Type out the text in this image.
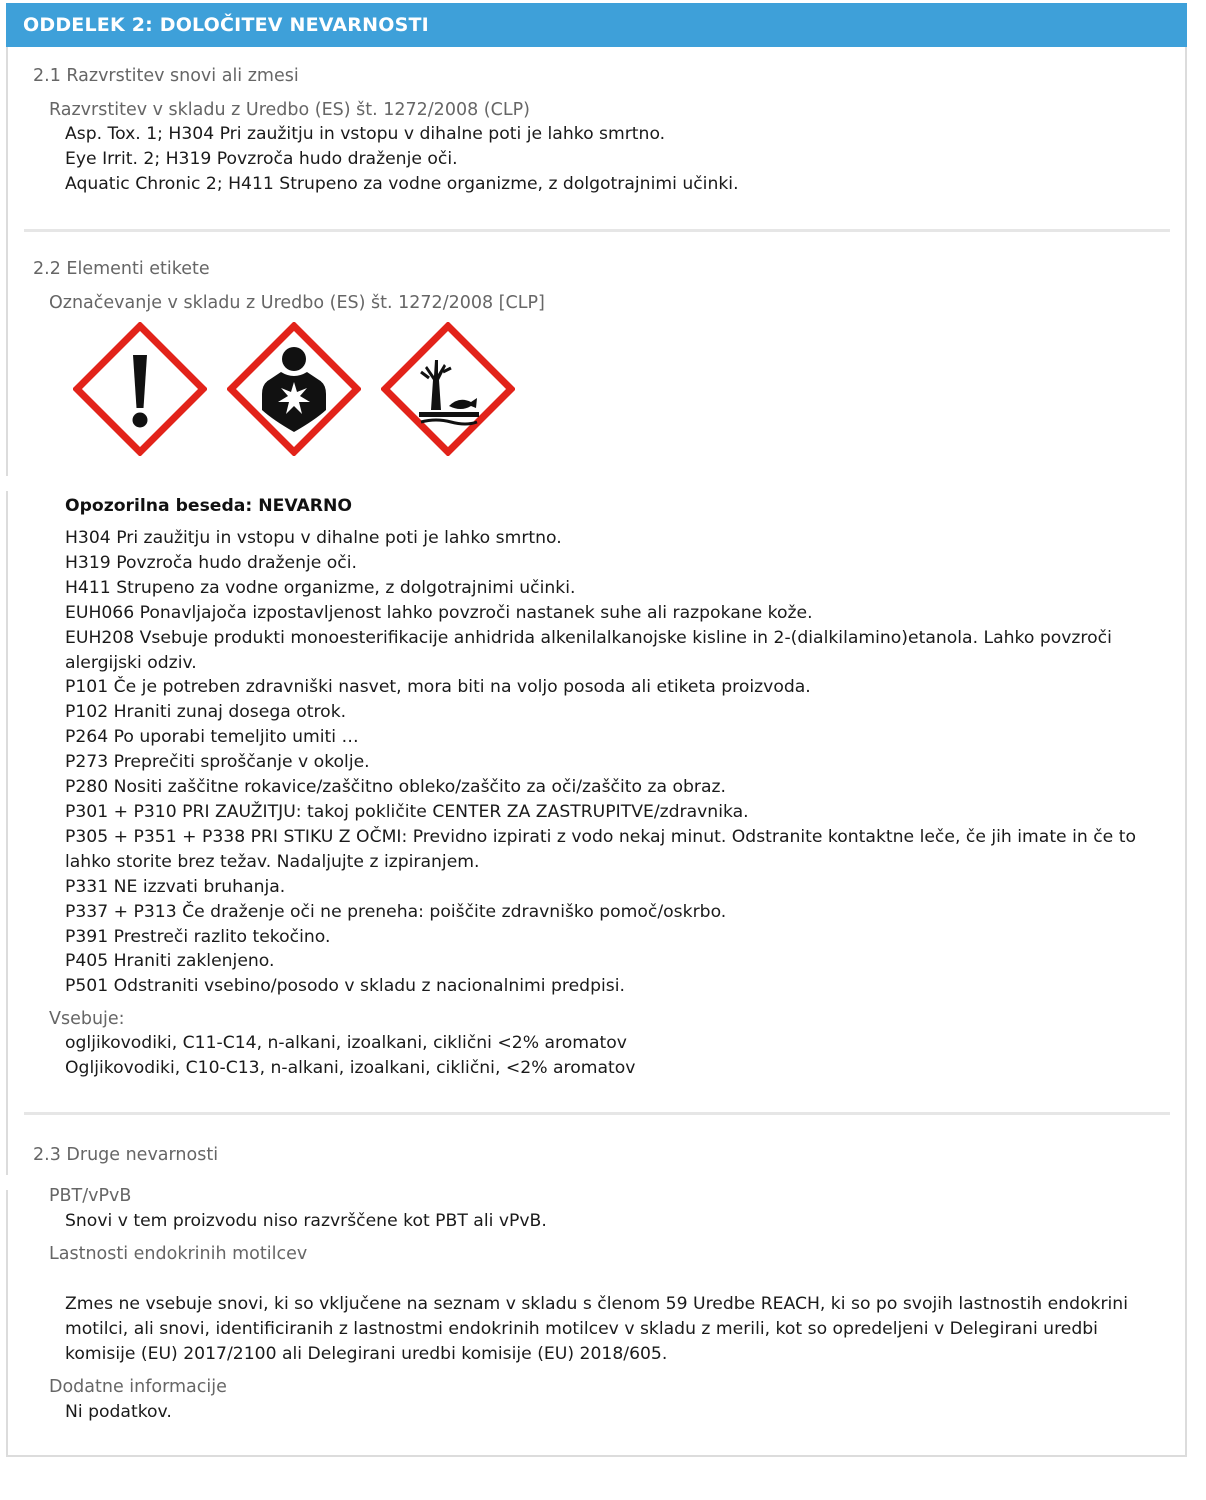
ODDELEK 2: DOLOČITEV NEVARNOSTI
2.1 Razvrstitev snovi ali zmesi
Razvrstitev v skladu z Uredbo (ES) št. 1272/2008 (CLP)
Asp. Tox. 1; H304 Pri zaužitju in vstopu v dihalne poti je lahko smrtno.
Eye Irrit. 2; H319 Povzroča hudo draženje oči.
Aquatic Chronic 2; H411 Strupeno za vodne organizme, z dolgotrajnimi učinki.
2.2 Elementi etikete
Označevanje v skladu z Uredbo (ES) št. 1272/2008 [CLP]
Opozorilna beseda: NEVARNO
H304 Pri zaužitju in vstopu v dihalne poti je lahko smrtno.
H319 Povzroča hudo draženje oči.
H411 Strupeno za vodne organizme, z dolgotrajnimi učinki.
EUH066 Ponavljajoča izpostavljenost lahko povzroči nastanek suhe ali razpokane kože.
EUH208 Vsebuje produkti monoesterifikacije anhidrida alkenilalkanojske kisline in 2-(dialkilamino)etanola. Lahko povzroči alergijski odziv.
P101 Če je potreben zdravniški nasvet, mora biti na voljo posoda ali etiketa proizvoda.
P102 Hraniti zunaj dosega otrok.
P264 Po uporabi temeljito umiti …
P273 Preprečiti sproščanje v okolje.
P280 Nositi zaščitne rokavice/zaščitno obleko/zaščito za oči/zaščito za obraz.
P301 + P310 PRI ZAUŽITJU: takoj pokličite CENTER ZA ZASTRUPITVE/zdravnika.
P305 + P351 + P338 PRI STIKU Z OČMI: Previdno izpirati z vodo nekaj minut. Odstranite kontaktne leče, če jih imate in če to lahko storite brez težav. Nadaljujte z izpiranjem.
P331 NE izzvati bruhanja.
P337 + P313 Če draženje oči ne preneha: poiščite zdravniško pomoč/oskrbo.
P391 Prestreči razlito tekočino.
P405 Hraniti zaklenjeno.
P501 Odstraniti vsebino/posodo v skladu z nacionalnimi predpisi.
Vsebuje:
ogljikovodiki, C11-C14, n-alkani, izoalkani, ciklični <2% aromatov
Ogljikovodiki, C10-C13, n-alkani, izoalkani, ciklični, <2% aromatov
2.3 Druge nevarnosti
PBT/vPvB
Snovi v tem proizvodu niso razvrščene kot PBT ali vPvB.
Lastnosti endokrinih motilcev
Zmes ne vsebuje snovi, ki so vključene na seznam v skladu s členom 59 Uredbe REACH, ki so po svojih lastnostih endokrini motilci, ali snovi, identificiranih z lastnostmi endokrinih motilcev v skladu z merili, kot so opredeljeni v Delegirani uredbi komisije (EU) 2017/2100 ali Delegirani uredbi komisije (EU) 2018/605.
Dodatne informacije
Ni podatkov.
